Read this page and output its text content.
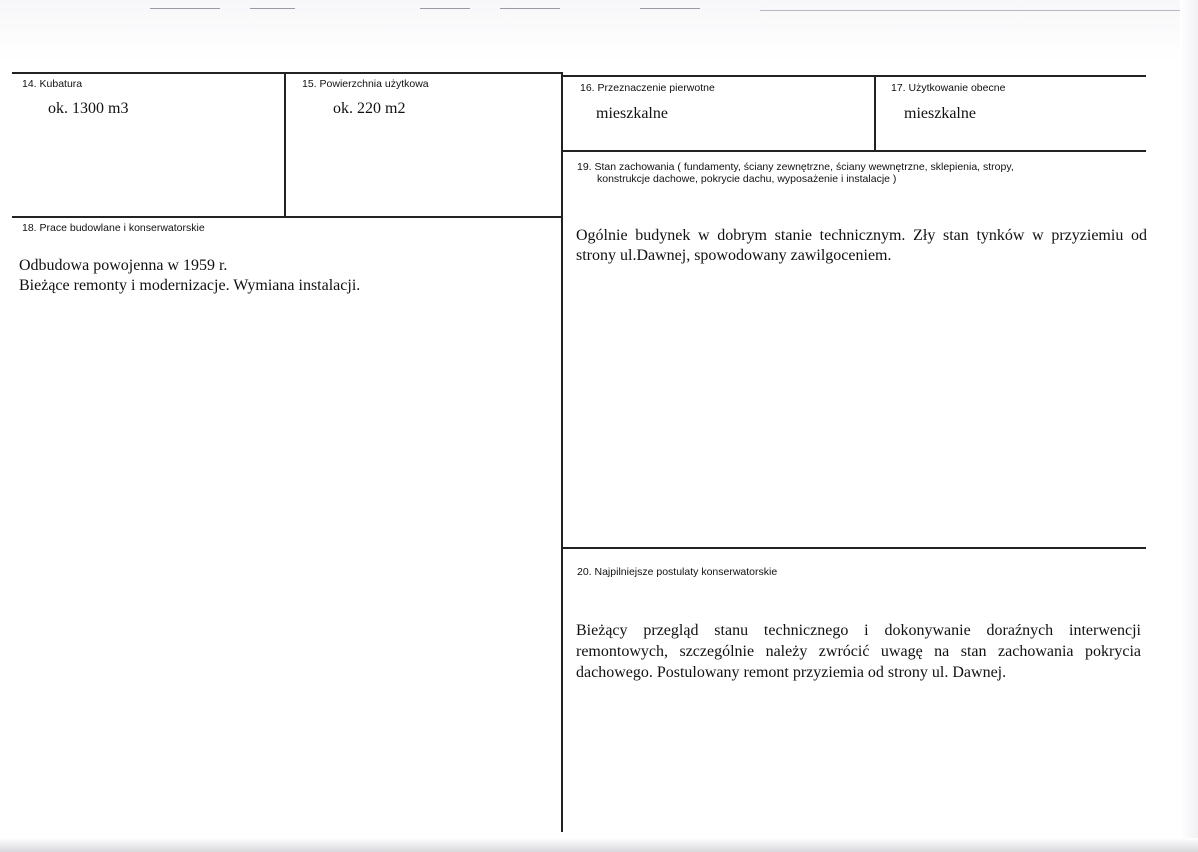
14. Kubatura
ok. 1300 m3
15. Powierzchnia użytkowa
ok. 220 m2
16. Przeznaczenie pierwotne
mieszkalne
17. Użytkowanie obecne
mieszkalne
19. Stan zachowania ( fundamenty, ściany zewnętrzne, ściany wewnętrzne, sklepienia, stropy,
konstrukcje dachowe, pokrycie dachu, wyposażenie i instalacje )
Ogólnie budynek w dobrym stanie technicznym. Zły stan tynków w przyziemiu od
strony ul.Dawnej, spowodowany zawilgoceniem.
18. Prace budowlane i konserwatorskie
Odbudowa powojenna w 1959 r.
Bieżące remonty i modernizacje. Wymiana instalacji.
20. Najpilniejsze postulaty konserwatorskie
Bieżący przegląd stanu technicznego i dokonywanie doraźnych interwencji
remontowych, szczególnie należy zwrócić uwagę na stan zachowania pokrycia
dachowego. Postulowany remont przyziemia od strony ul. Dawnej.
